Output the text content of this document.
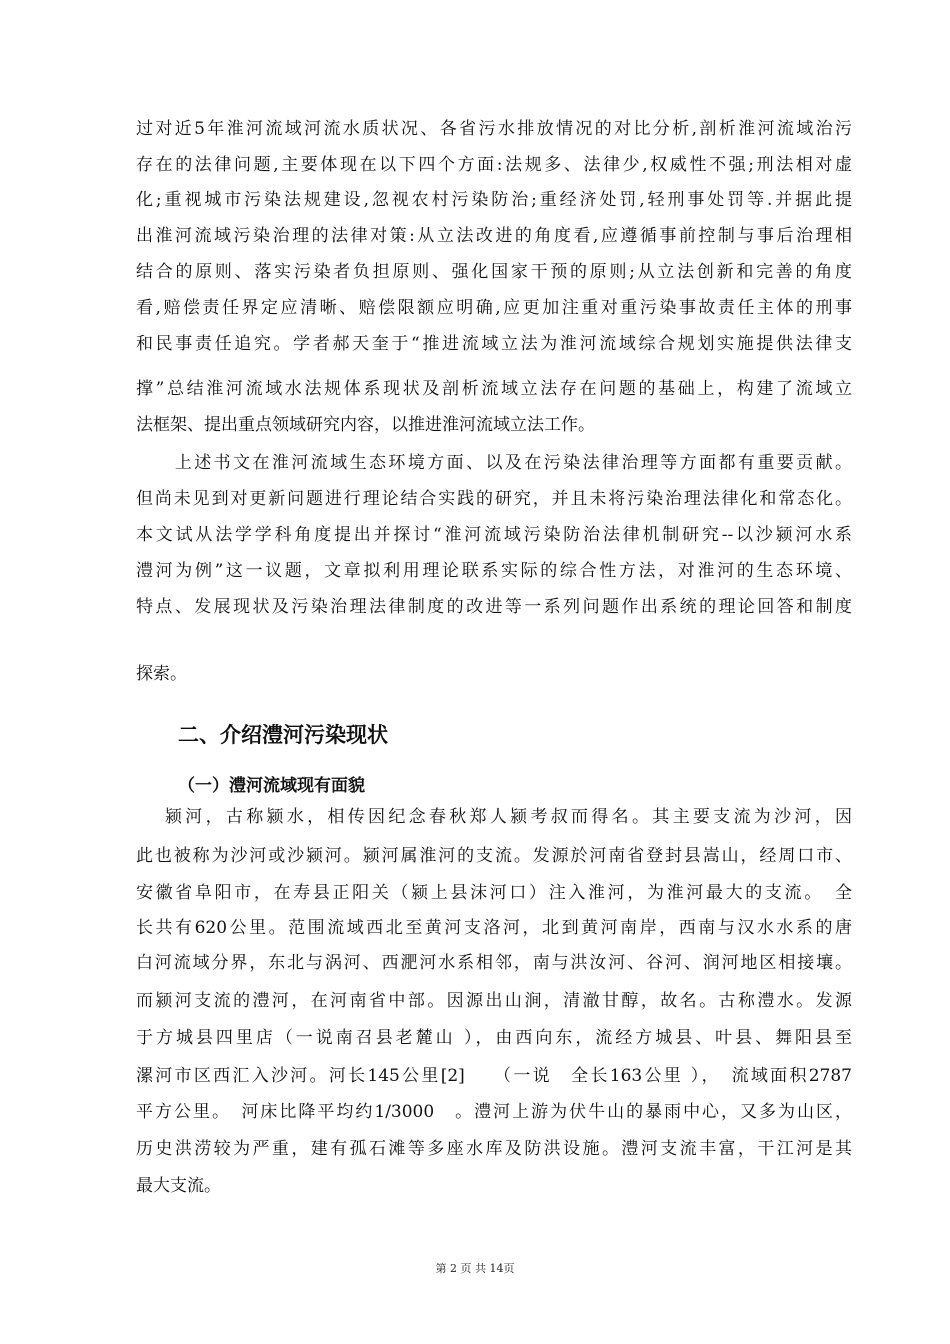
过对近5年淮河流域河流水质状况、各省污水排放情况的对比分析,剖析淮河流域治污
存在的法律问题,主要体现在以下四个方面:法规多、法律少,权威性不强;刑法相对虚
化;重视城市污染法规建设,忽视农村污染防治;重经济处罚,轻刑事处罚等.并据此提
出淮河流域污染治理的法律对策:从立法改进的角度看,应遵循事前控制与事后治理相
结合的原则、落实污染者负担原则、强化国家干预的原则;从立法创新和完善的角度
看,赔偿责任界定应清晰、赔偿限额应明确,应更加注重对重污染事故责任主体的刑事
和民事责任追究。学者郝天奎于“推进流域立法为淮河流域综合规划实施提供法律支
撑”总结淮河流域水法规体系现状及剖析流域立法存在问题的基础上，构建了流域立
法框架、提出重点领域研究内容，以推进淮河流域立法工作。
　　上述书文在淮河流域生态环境方面、以及在污染法律治理等方面都有重要贡献。
但尚未见到对更新问题进行理论结合实践的研究，并且未将污染治理法律化和常态化。
本文试从法学学科角度提出并探讨“淮河流域污染防治法律机制研究--以沙颍河水系
澧河为例”这一议题，文章拟利用理论联系实际的综合性方法，对淮河的生态环境、
特点、发展现状及污染治理法律制度的改进等一系列问题作出系统的理论回答和制度
探索。
二、介绍澧河污染现状
（一）澧河流域现有面貌
　 颍河，古称颍水，相传因纪念春秋郑人颍考叔而得名。其主要支流为沙河，因
此也被称为沙河或沙颍河。颍河属淮河的支流。发源於河南省登封县嵩山，经周口市、
安徽省阜阳市，在寿县正阳关（颍上县沫河口）注入淮河，为淮河最大的支流。　全
长共有620公里。范围流域西北至黄河支洛河，北到黄河南岸，西南与汉水水系的唐
白河流域分界，东北与涡河、西淝河水系相邻，南与洪汝河、谷河、润河地区相接壤。
而颍河支流的澧河，在河南省中部。因源出山涧，清澈甘醇，故名。古称澧水。发源
于方城县四里店（一说南召县老麓山 ），由西向东，流经方城县、叶县、舞阳县至
漯河市区西汇入沙河。河长145公里[2]　 （一说　全长163公里 ），　流域面积2787
平方公里。　河床比降平均约1/3000　。澧河上游为伏牛山的暴雨中心，又多为山区，
历史洪涝较为严重，建有孤石滩等多座水库及防洪设施。澧河支流丰富，干江河是其
最大支流。
第 2 页 共 14页
